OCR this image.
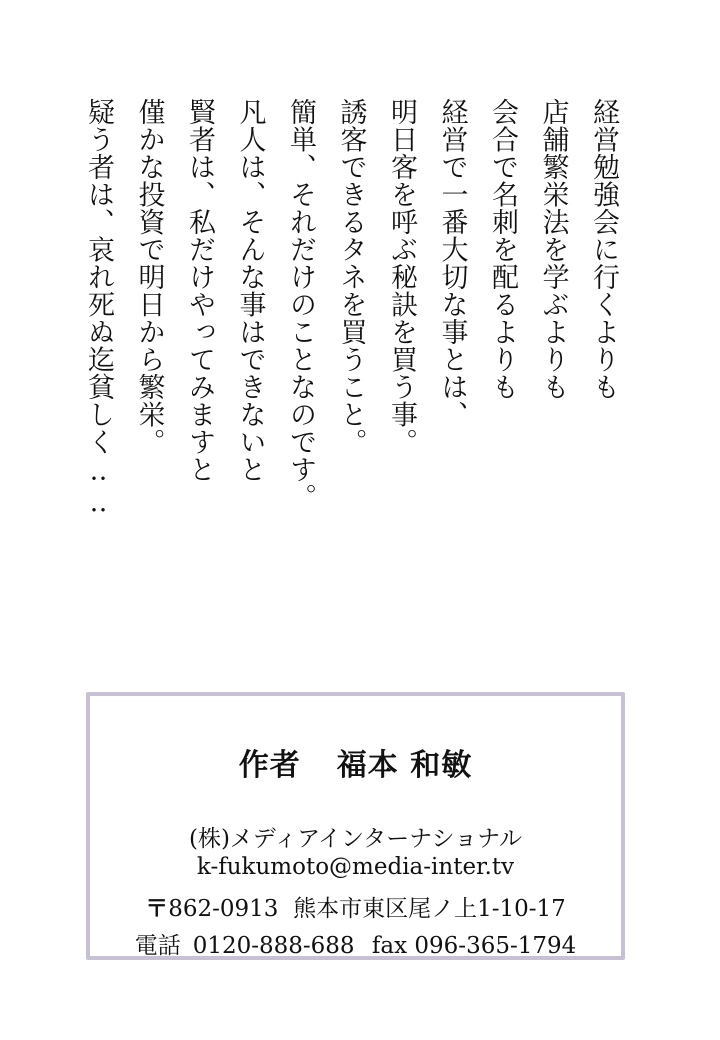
経営勉強会に行くよりも
店舗繁栄法を学ぶよりも
会合で名刺を配るよりも
経営で一番大切な事とは、
明日客を呼ぶ秘訣を買う事。
誘客できるタネを買うこと。
簡単、それだけのことなのです。
凡人は、そんな事はできないと
賢者は、私だけやってみますと
僅かな投資で明日から繁栄。
疑う者は、哀れ死ぬ迄貧しく‥‥
作者 福本 和敏
(株)メディアインターナショナル
k-fukumoto@media-inter.tv
〒862-0913 熊本市東区尾ノ上1-10-17
電話 0120-888-688 fax 096-365-1794
